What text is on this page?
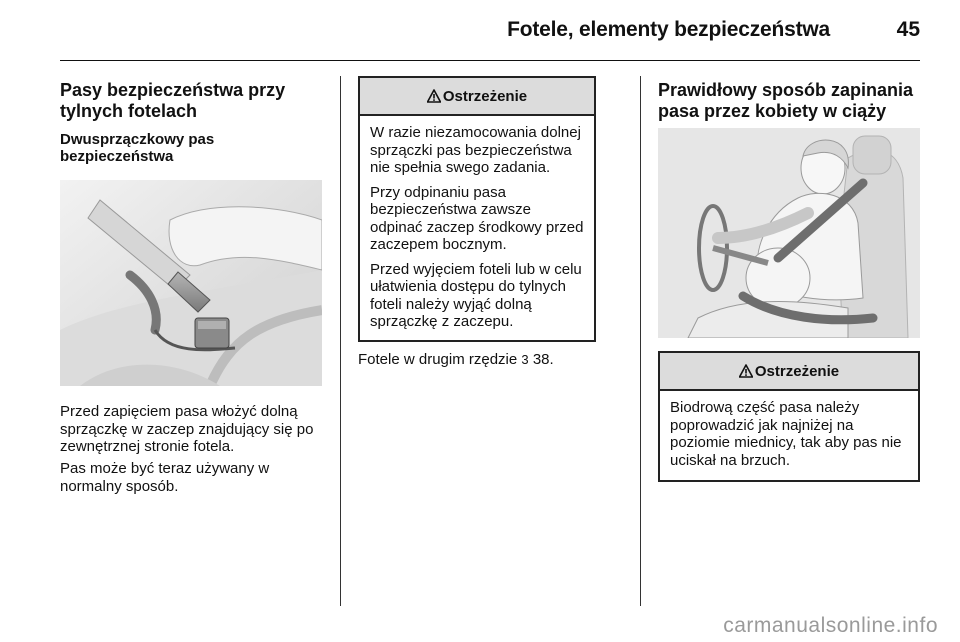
Fotele, elementy bezpieczeństwa	45
Pasy bezpieczeństwa przy tylnych fotelach
Dwusprzączkowy pas bezpieczeństwa

Przed zapięciem pasa włożyć dolną sprzączkę w zaczep znajdujący się po zewnętrznej stronie fotela.

Pas może być teraz używany w normalny sposób.

Ostrzeżenie

W razie niezamocowania dolnej sprzączki pas bezpieczeństwa nie spełnia swego zadania.

Przy odpinaniu pasa bezpieczeństwa zawsze odpinać zaczep środkowy przed zaczepem bocznym.

Przed wyjęciem foteli lub w celu ułatwienia dostępu do tylnych foteli należy wyjąć dolną sprzączkę z zaczepu.

Fotele w drugim rzędzie 3 38.

Prawidłowy sposób zapinania pasa przez kobiety w ciąży
Ostrzeżenie

Biodrową część pasa należy poprowadzić jak najniżej na poziomie miednicy, tak aby pas nie uciskał na brzuch.

carmanualsonline.info
